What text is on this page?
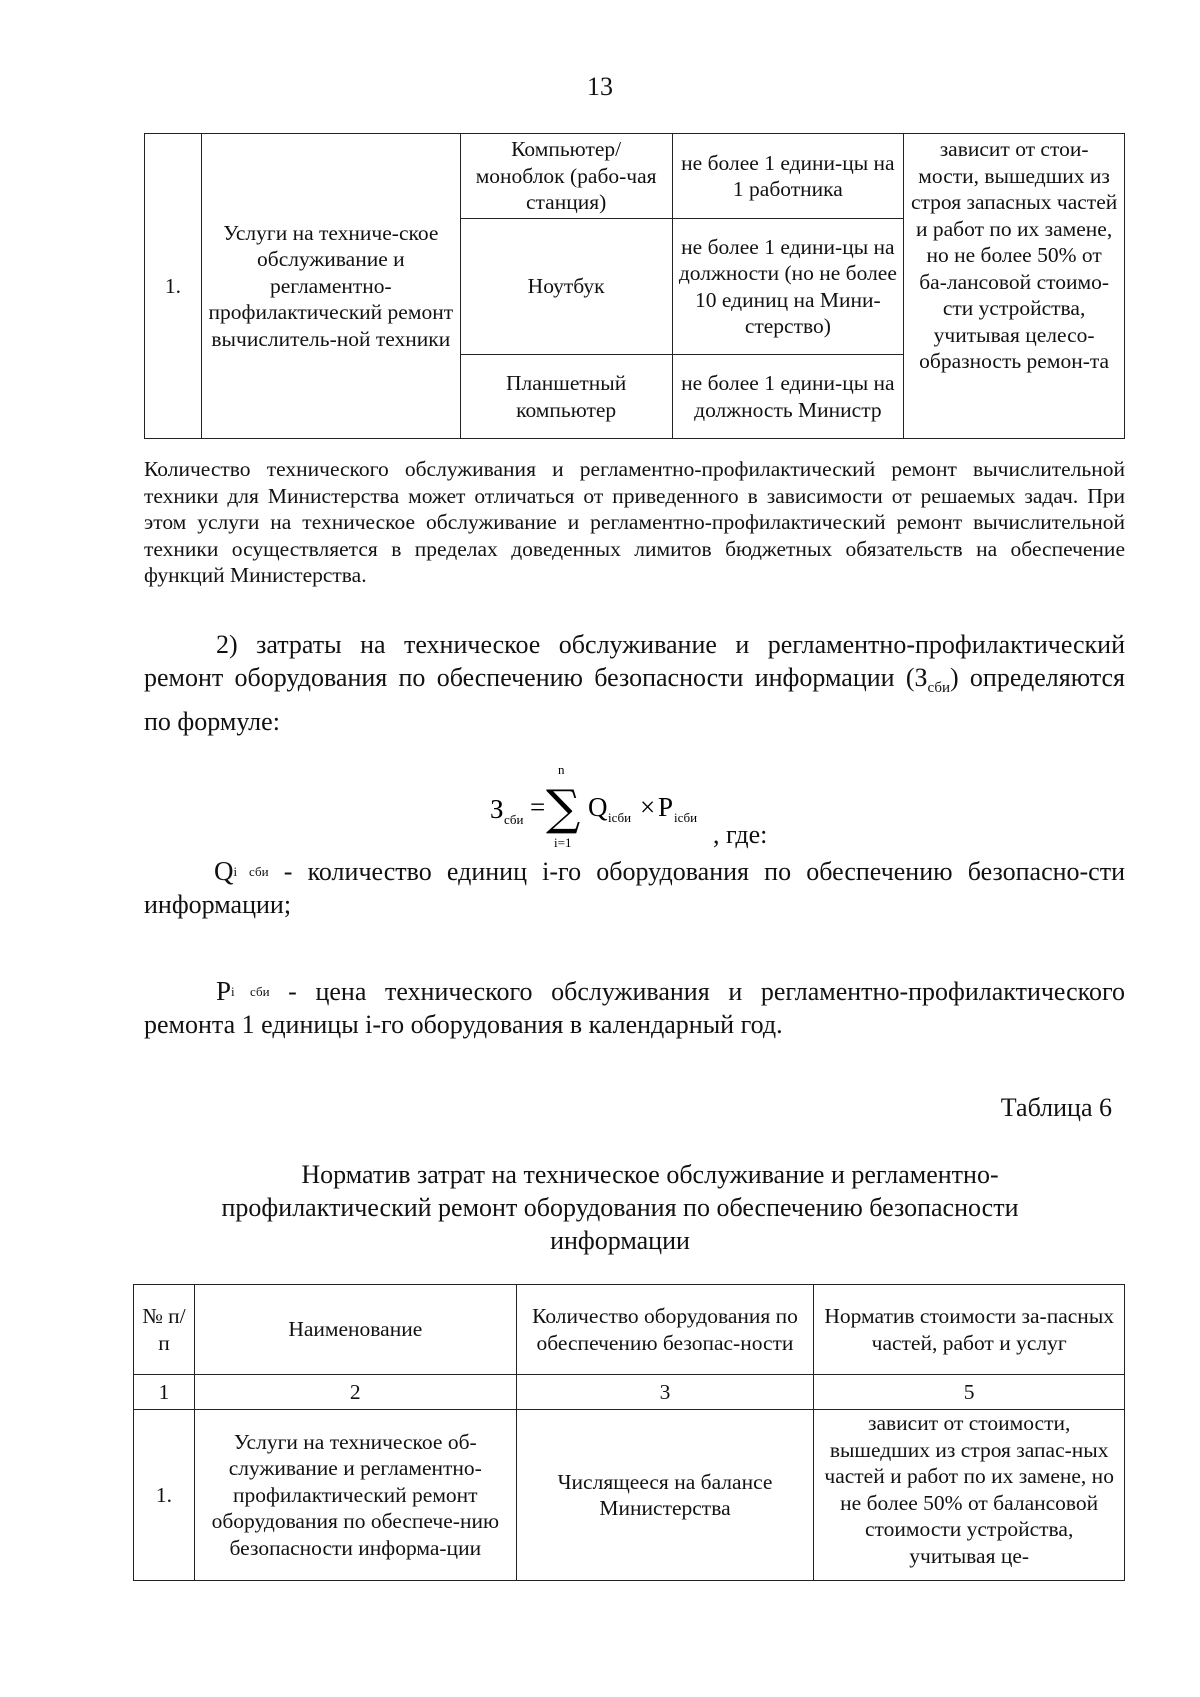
13
1.	Услуги на техниче-ское обслуживание и регламентно-профилактический ремонт вычислитель-ной техники	Компьютер/ моноблок (рабо-чая станция)	не более 1 едини-цы на 1 работника	зависит от стои-мости, вышедших из строя запасных частей и работ по их замене, но не более 50% от ба-лансовой стоимо-сти устройства, учитывая целесо-образность ремон-та
		Ноутбук	не более 1 едини-цы на должности (но не более 10 единиц на Мини-стерство)	
		Планшетный компьютер	не более 1 едини-цы на должность Министр	
Количество технического обслуживания и регламентно-профилактический ремонт вычислительной техники для Министерства может отличаться от приведенного в зависимости от решаемых задач. При этом услуги на техническое обслуживание и регламентно-профилактический ремонт вычислительной техники осуществляется в пределах доведенных лимитов бюджетных обязательств на обеспечение функций Министерства.
2) затраты на техническое обслуживание и регламентно-профилактический ремонт оборудования по обеспечению безопасности информации $(З_{сби})$ определяются по формуле:
З сби =
n
∑
i=1
Q iсби × P iсби
, где:
Qi сби - количество единиц i-го оборудования по обеспечению безопасно-сти информации;
Pi сби - цена технического обслуживания и регламентно-профилактического ремонта 1 единицы i-го оборудования в календарный год.
Таблица 6
Норматив затрат на техническое обслуживание и регламентно-
профилактический ремонт оборудования по обеспечению безопасности
информации
№ п/п	Наименование	Количество оборудования по обеспечению безопас-ности	Норматив стоимости за-пасных частей, работ и услуг
1	2	3	5
1.	Услуги на техническое об-служивание и регламентно-профилактический ремонт оборудования по обеспече-нию безопасности информа-ции	Числящееся на балансе Министерства	зависит от стоимости, вышедших из строя запас-ных частей и работ по их замене, но не более 50% от балансовой стоимости устройства, учитывая це-
